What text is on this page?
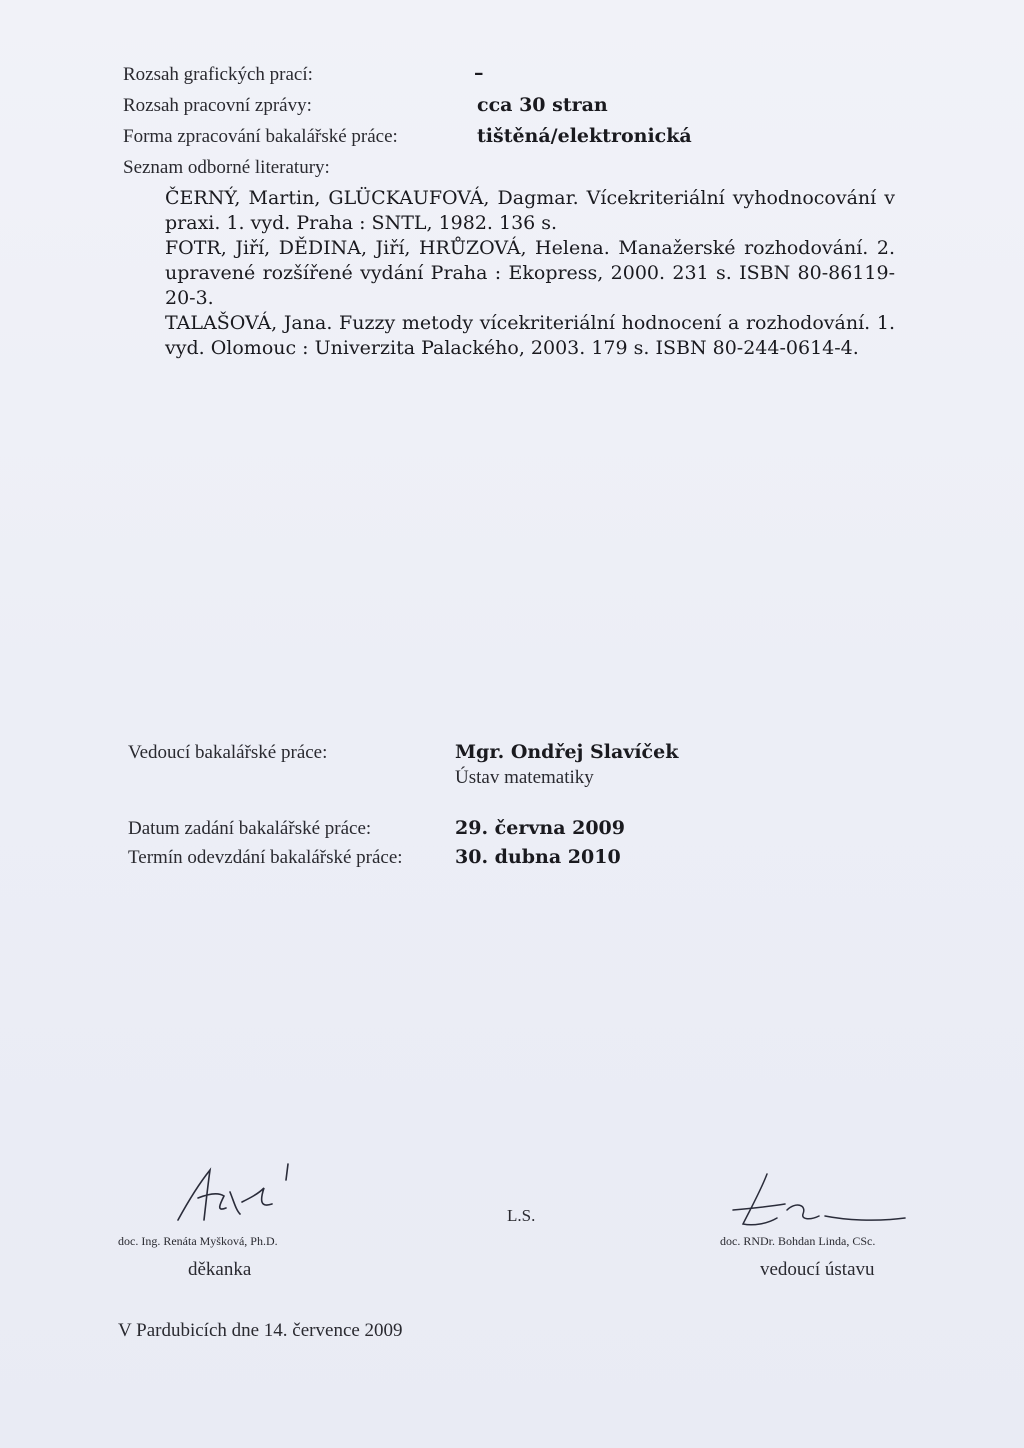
Rozsah grafických prací:	–
Rozsah pracovní zprávy:	cca 30 stran
Forma zpracování bakalářské práce:	tištěná/elektronická
Seznam odborné literatury:

ČERNÝ, Martin, GLÜCKAUFOVÁ, Dagmar. Vícekriteriální vyhodnocování v praxi. 1. vyd. Praha : SNTL, 1982. 136 s.

FOTR, Jiří, DĚDINA, Jiří, HRŮZOVÁ, Helena. Manažerské rozhodování. 2. upravené rozšířené vydání Praha : Ekopress, 2000. 231 s. ISBN 80-86119-20-3.

TALAŠOVÁ, Jana. Fuzzy metody vícekriteriální hodnocení a rozhodování. 1. vyd. Olomouc : Univerzita Palackého, 2003. 179 s. ISBN 80-244-0614-4.

Vedoucí bakalářské práce:	Mgr. Ondřej Slavíček
Ústav matematiky
Datum zadání bakalářské práce:	29. června 2009
Termín odevzdání bakalářské práce:	30. dubna 2010
doc. Ing. Renáta Myšková, Ph.D.
děkanka
L.S.
doc. RNDr. Bohdan Linda, CSc.
vedoucí ústavu
V Pardubicích dne 14. července 2009
